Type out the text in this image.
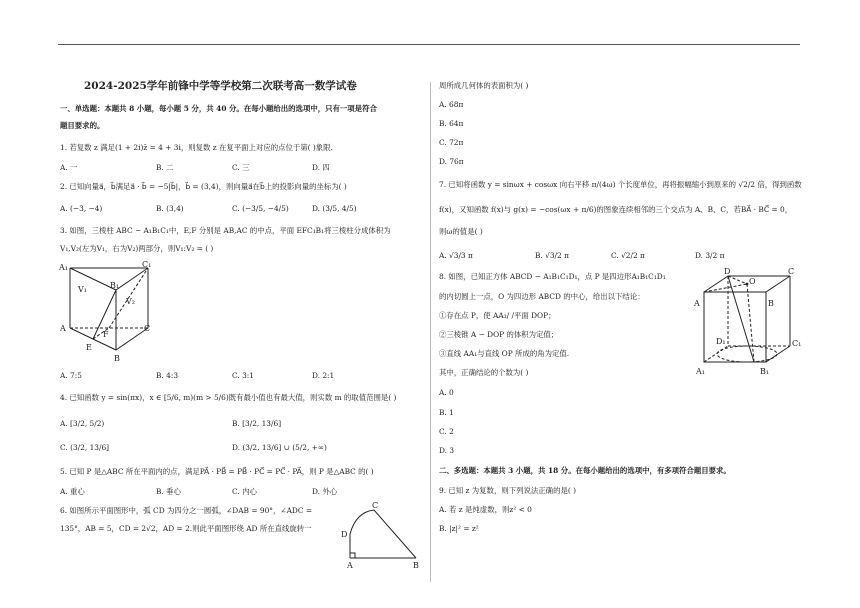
2024-2025学年前锋中学等学校第二次联考高一数学试卷
一、单选题：本题共 8 小题，每小题 5 分，共 40 分。在每小题给出的选项中，只有一项是符合
题目要求的。
1. 若复数 z 满足(1 + 2i)z̄ = 4 + 3i，则复数 z 在复平面上对应的点位于第( )象限.
A. 一	B. 二	C. 三	D. 四
2. 已知向量a⃗，b⃗满足a⃗ · b⃗ = −5|b⃗|，b⃗ = (3,4)，则向量a⃗在b⃗上的投影向量的坐标为( )
A. (−3, −4)	B. (3,4)	C. (−3/5, −4/5)	D. (3/5, 4/5)
3. 如图，三棱柱 ABC − A₁B₁C₁中，E,F 分别是 AB,AC 的中点，平面 EFC₁B₁将三棱柱分成体积为
V₁,V₂(左为V₁，右为V₂)两部分，则V₁:V₂ = ( )
A₁	C₁
B₁
A	C
B
E
F
V₁
V₂
A. 7:5	B. 4:3	C. 3:1	D. 2:1
4. 已知函数 y = sin(πx)，x ∈ [5/6, m)(m > 5/6)既有最小值也有最大值，则实数 m 的取值范围是( )
A. [3/2, 5/2)	B. [3/2, 13/6]
C. (3/2, 13/6]	D. (3/2, 13/6] ∪ (5/2, +∞)
5. 已知 P 是△ABC 所在平面内的点，满足PA⃗ · PB⃗ = PB⃗ · PC⃗ = PC⃗ · PA⃗，则 P 是△ABC 的( )
A. 重心	B. 垂心	C. 内心	D. 外心
6. 如图所示平面图形中，弧 CD 为四分之一圆弧，∠DAB = 90°，∠ADC =
135°，AB = 5，CD = 2√2，AD = 2.则此平面图形绕 AD 所在直线旋转一
C
D
A	B
周所成几何体的表面积为( )
A. 68π
B. 64π
C. 72π
D. 76π
7. 已知将函数 y = sinωx + cosωx 向右平移 π/(4ω) 个长度单位，再将振幅缩小到原来的 √2/2 倍，得到函数
f(x)，又知函数 f(x)与 g(x) = −cos(ωx + π/6)的图象连续相邻的三个交点为 A、B、C，若BA⃗ · BC⃗ = 0，
则ω的值是( )
A. √3/3 π	B. √3/2 π	C. √2/2 π	D. 3/2 π
8. 如图，已知正方体 ABCD − A₁B₁C₁D₁，点 P 是四边形A₁B₁C₁D₁
的内切圆上一点，O 为四边形 ABCD 的中心，给出以下结论：
①存在点 P，使 AA₁/ /平面 DOP；
②三棱锥 A − DOP 的体积为定值；
③直线 AA₁与直线 OP 所成的角为定值.
其中，正确结论的个数为( )
A. 0
B. 1
C. 2
D. 3
D	C
O
A	B
D₁	C₁
A₁	B₁
二、多选题：本题共 3 小题，共 18 分。在每小题给出的选项中，有多项符合题目要求。
9. 已知 z 为复数，则下列说法正确的是( )
A. 若 z 是纯虚数，则z² < 0
B. |z|² = z²
